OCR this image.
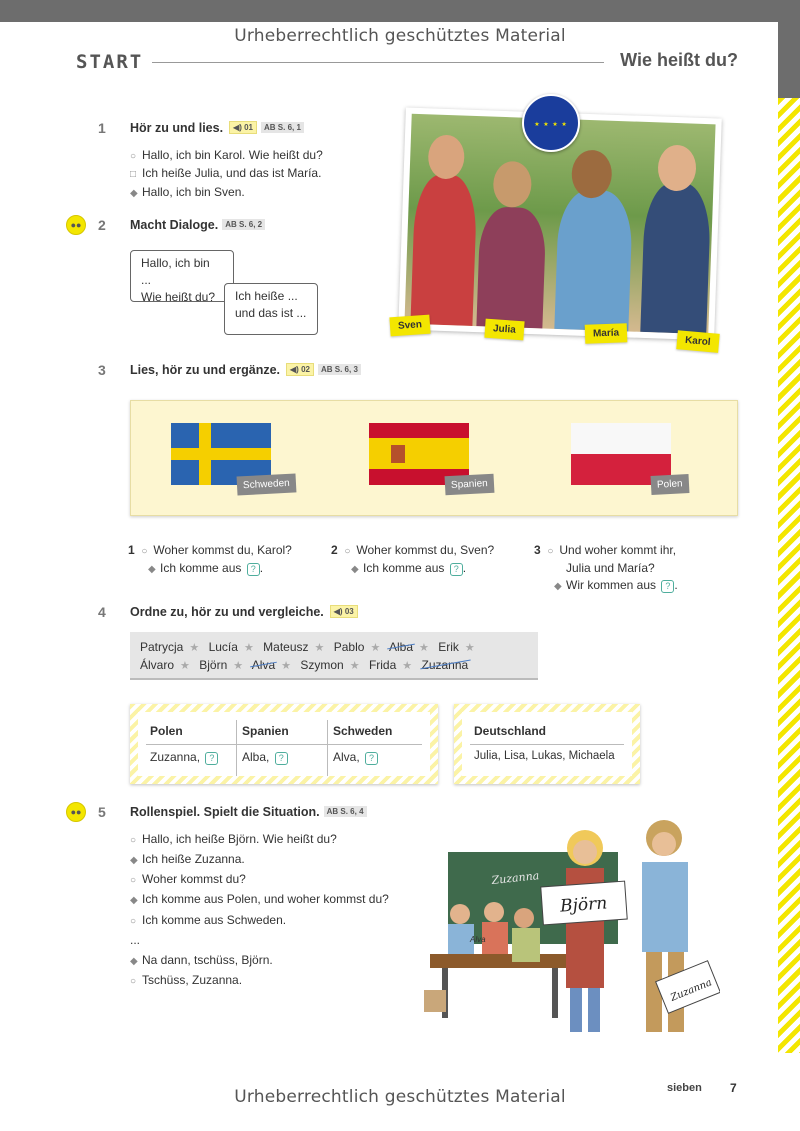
Urheberrechtlich geschütztes Material
START	Wie heißt du?
1 Hör zu und lies. ◀) 01 AB S. 6, 1
○ Hallo, ich bin Karol. Wie heißt du?
□ Ich heiße Julia, und das ist María.
◆ Hallo, ich bin Sven.
●●	2 Macht Dialoge. AB S. 6, 2
Hallo, ich bin ...
Wie heißt du?	Ich heiße ...
und das ist ...
★ ★ ★ ★
Sven	Julia	María
Karol
3 Lies, hör zu und ergänze. ◀) 02 AB S. 6, 3
Schweden	Spanien	Polen
1 ○ Woher kommst du, Karol?
◆ Ich komme aus ? .
2 ○ Woher kommst du, Sven?
◆ Ich komme aus ? .
3 ○ Und woher kommt ihr,
Julia und María?
◆ Wir kommen aus ? .
4 Ordne zu, hör zu und vergleiche. ◀) 03
Patrycja ★ Lucía ★ Mateusz ★ Pablo ★ Alba ★ Erik ★
Álvaro ★ Björn ★ Alva ★ Szymon ★ Frida ★ Zuzanna
Polen	Spanien	Schweden
Zuzanna, ?	Alba, ?	Alva, ?
Deutschland
Julia, Lisa, Lukas, Michaela
●●	5 Rollenspiel. Spielt die Situation. AB S. 6, 4
○ Hallo, ich heiße Björn. Wie heißt du?
◆ Ich heiße Zuzanna.
○ Woher kommst du?
◆ Ich komme aus Polen, und woher kommst du?
○ Ich komme aus Schweden.
...
◆ Na dann, tschüss, Björn.
○ Tschüss, Zuzanna.
Zuzanna
Alva
Björn
Zuzanna
sieben 7
Urheberrechtlich geschütztes Material
